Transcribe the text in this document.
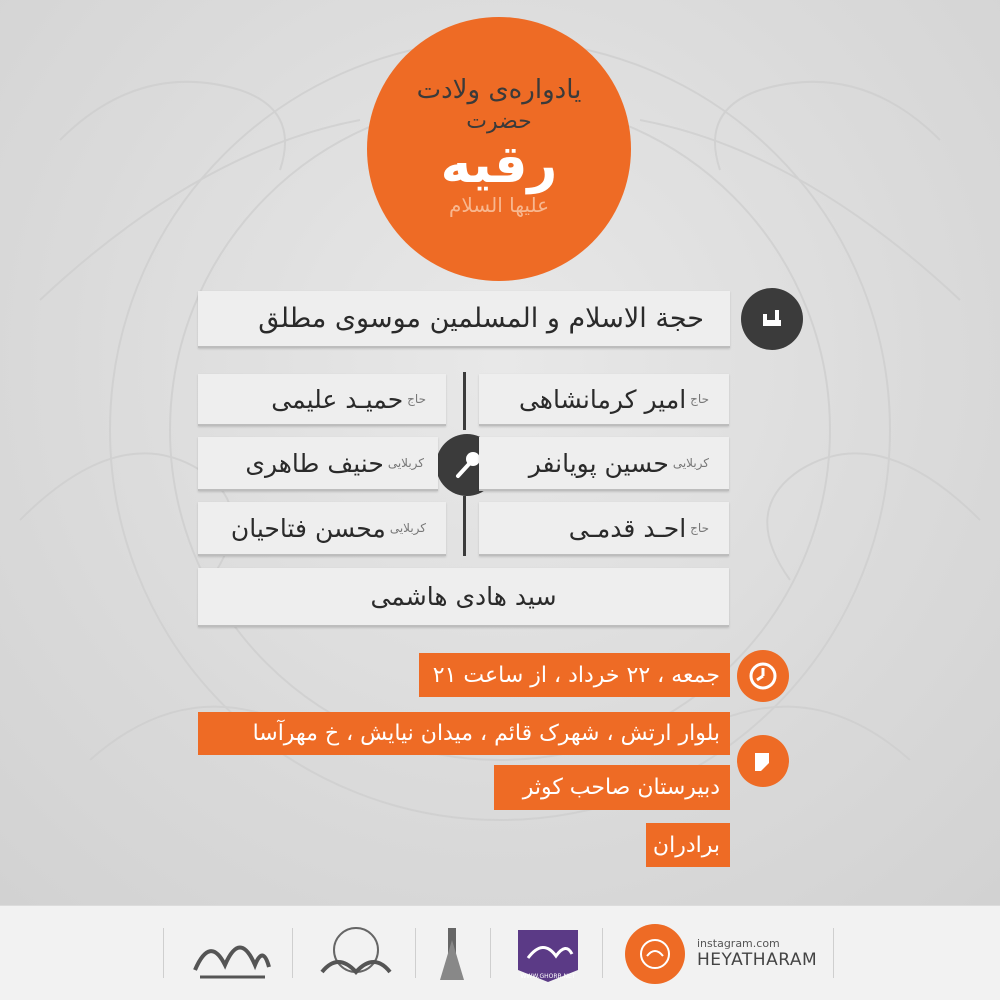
یادواره‌ی ولادت
حضرت
رقیه
علیها السلام
حجة الاسلام و المسلمین موسوی مطلق
حاج
امیر کرمانشاهی
کربلایی
حسین پویانفر
حاج
احـد قدمـی
حاج
حمیـد علیمی
کربلایی
حنیف طاهری
کربلایی
محسن فتاحیان
سید هادی هاشمی
جمعه ، ۲۲ خرداد ، از ساعت ۲۱
بلوار ارتش ، شهرک قائم ، میدان نیایش ، خ مهرآسا
دبیرستان صاحب کوثر
برادران
WWW.GHORB.NET
instagram.com
HEYATHARAM
